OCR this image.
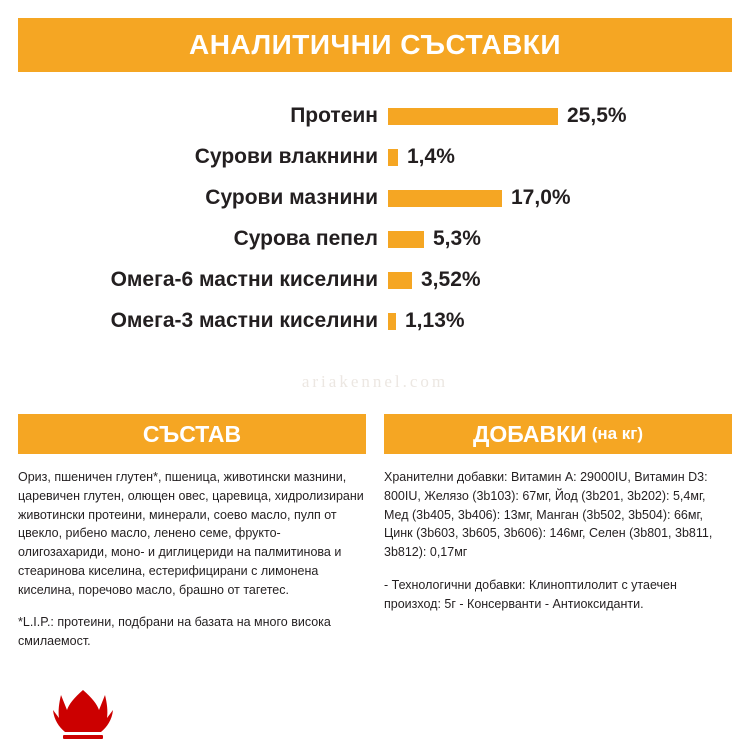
АНАЛИТИЧНИ СЪСТАВКИ
Протеин	25,5%
Сурови влакнини	1,4%
Сурови мазнини	17,0%
Сурова пепел	5,3%
Омега-6 мастни киселини	3,52%
Омега-3 мастни киселини	1,13%
ariakennel.com
СЪСТАВ

Ориз, пшеничен глутен*, пшеница, животински мазнини, царевичен глутен, олющен овес, царевица, хидролизирани животински протеини, минерали, соево масло, пулп от цвекло, рибено масло, ленено семе, фрукто-олигозахариди, моно- и диглицериди на палмитинова и стеаринова киселина, естерифицирани с лимонена киселина, поречово масло, брашно от тагетес.

*L.I.P.: протеини, подбрани на базата на много висока смилаемост.

ДОБАВКИ (на кг)

Хранителни добавки: Витамин A: 29000IU, Витамин D3: 800IU, Желязо (3b103): 67мг, Йод (3b201, 3b202): 5,4мг, Мед (3b405, 3b406): 13мг, Манган (3b502, 3b504): 66мг, Цинк (3b603, 3b605, 3b606): 146мг, Селен (3b801, 3b811, 3b812): 0,17мг

- Технологични добавки: Клиноптилолит с утаечен произход: 5г - Консерванти - Антиоксиданти.
